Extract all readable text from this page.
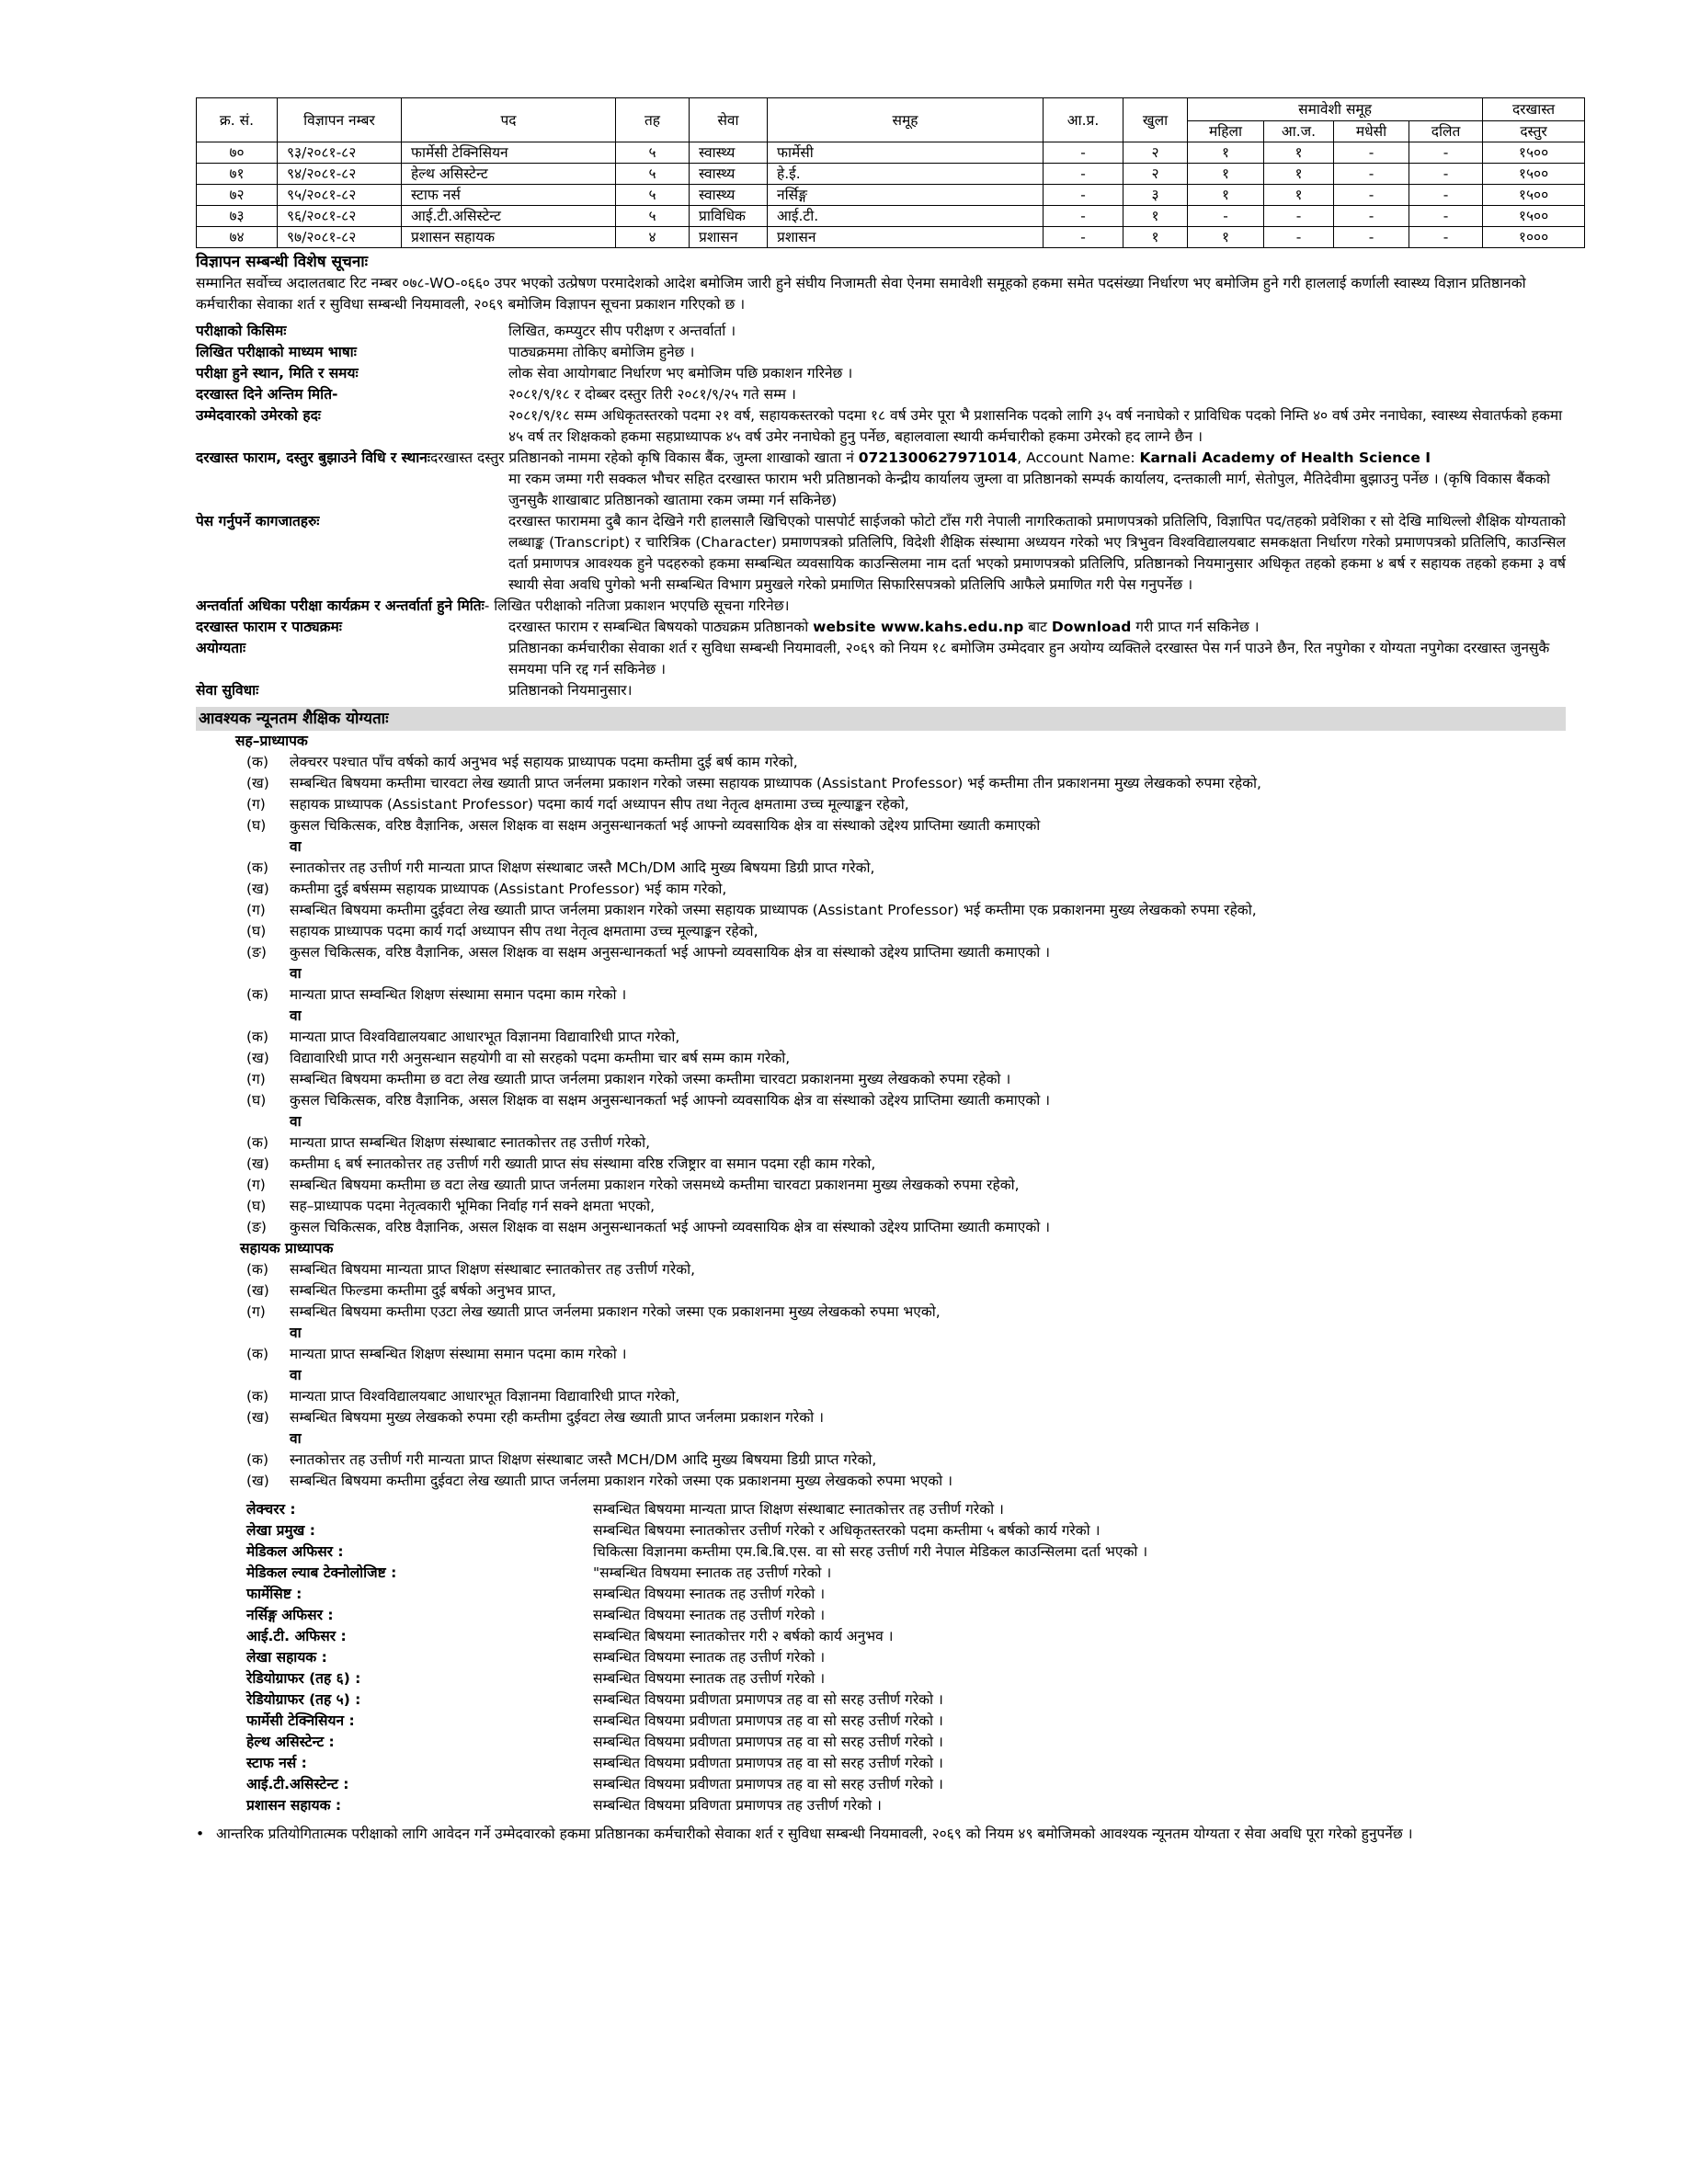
क्र. सं.	विज्ञापन नम्बर	पद	तह	सेवा	समूह	आ.प्र.	खुला	समावेशी समूह				दरखास्त
								महिला	आ.ज.	मधेसी	दलित	दस्तुर
७०	९३/२०८१-८२	फार्मेसी टेक्निसियन	५	स्वास्थ्य	फार्मेसी	-	२	१	१	-	-	१५००
७१	९४/२०८१-८२	हेल्थ असिस्टेन्ट	५	स्वास्थ्य	हे.ई.	-	२	१	१	-	-	१५००
७२	९५/२०८१-८२	स्टाफ नर्स	५	स्वास्थ्य	नर्सिङ्ग	-	३	१	१	-	-	१५००
७३	९६/२०८१-८२	आई.टी.असिस्टेन्ट	५	प्राविधिक	आई.टी.	-	१	-	-	-	-	१५००
७४	९७/२०८१-८२	प्रशासन सहायक	४	प्रशासन	प्रशासन	-	१	१	-	-	-	१०००
विज्ञापन सम्बन्धी विशेष सूचनाः
सम्मानित सर्वोच्च अदालतबाट रिट नम्बर ०७८-WO-०६६० उपर भएको उत्प्रेषण परमादेशको आदेश बमोजिम जारी हुने संघीय निजामती सेवा ऐनमा समावेशी समूहको हकमा समेत पदसंख्या निर्धारण भए बमोजिम हुने गरी हाललाई कर्णाली स्वास्थ्य विज्ञान प्रतिष्ठानको कर्मचारीका सेवाका शर्त र सुविधा सम्बन्धी नियमावली, २०६९ बमोजिम विज्ञापन सूचना प्रकाशन गरिएको छ ।
परीक्षाको किसिमः	लिखित, कम्प्युटर सीप परीक्षण र अन्तर्वार्ता ।
लिखित परीक्षाको माध्यम भाषाः	पाठ्यक्रममा तोकिए बमोजिम हुनेछ ।
परीक्षा हुने स्थान, मिति र समयः	लोक सेवा आयोगबाट निर्धारण भए बमोजिम पछि प्रकाशन गरिनेछ ।
दरखास्त दिने अन्तिम मिति-	२०८१/९/१८ र दोब्बर दस्तुर तिरी २०८१/९/२५ गते सम्म ।
उम्मेदवारको उमेरको हदः	२०८१/९/१८ सम्म अधिकृतस्तरको पदमा २१ वर्ष, सहायकस्तरको पदमा १८ वर्ष उमेर पूरा भै प्रशासनिक पदको लागि ३५ वर्ष ननाघेको र प्राविधिक पदको निम्ति ४० वर्ष उमेर ननाघेका, स्वास्थ्य सेवातर्फको हकमा ४५ वर्ष तर शिक्षकको हकमा सहप्राध्यापक ४५ वर्ष उमेर ननाघेको हुनु पर्नेछ, बहालवाला स्थायी कर्मचारीको हकमा उमेरको हद लाग्ने छैन ।
दरखास्त फाराम, दस्तुर बुझाउने विधि र स्थानःदरखास्त दस्तुर प्रतिष्ठानको नाममा रहेको कृषि विकास बैंक, जुम्ला शाखाको खाता नं 0721300627971014, Account Name: Karnali Academy of Health Science I
मा रकम जम्मा गरी सक्कल भौचर सहित दरखास्त फाराम भरी प्रतिष्ठानको केन्द्रीय कार्यालय जुम्ला वा प्रतिष्ठानको सम्पर्क कार्यालय, दन्तकाली मार्ग, सेतोपुल, मैतिदेवीमा बुझाउनु पर्नेछ । (कृषि विकास बैंकको जुनसुकै शाखाबाट प्रतिष्ठानको खातामा रकम जम्मा गर्न सकिनेछ)
पेस गर्नुपर्ने कागजातहरुः	दरखास्त फाराममा दुबै कान देखिने गरी हालसालै खिचिएको पासपोर्ट साईजको फोटो टाँस गरी नेपाली नागरिकताको प्रमाणपत्रको प्रतिलिपि, विज्ञापित पद/तहको प्रवेशिका र सो देखि माथिल्लो शैक्षिक योग्यताको लब्धाङ्क (Transcript) र चारित्रिक (Character) प्रमाणपत्रको प्रतिलिपि, विदेशी शैक्षिक संस्थामा अध्ययन गरेको भए त्रिभुवन विश्वविद्यालयबाट समकक्षता निर्धारण गरेको प्रमाणपत्रको प्रतिलिपि, काउन्सिल दर्ता प्रमाणपत्र आवश्यक हुने पदहरुको हकमा सम्बन्धित व्यवसायिक काउन्सिलमा नाम दर्ता भएको प्रमाणपत्रको प्रतिलिपि, प्रतिष्ठानको नियमानुसार अधिकृत तहको हकमा ४ बर्ष र सहायक तहको हकमा ३ वर्ष स्थायी सेवा अवधि पुगेको भनी सम्बन्धित विभाग प्रमुखले गरेको प्रमाणित सिफारिसपत्रको प्रतिलिपि आफैले प्रमाणित गरी पेस गनुपर्नेछ ।
अन्तर्वार्ता अधिका परीक्षा कार्यक्रम र अन्तर्वार्ता हुने मितिः- लिखित परीक्षाको नतिजा प्रकाशन भएपछि सूचना गरिनेछ।
दरखास्त फाराम र पाठ्यक्रमः	दरखास्त फाराम र सम्बन्धित बिषयको पाठ्यक्रम प्रतिष्ठानको website www.kahs.edu.np बाट Download गरी प्राप्त गर्न सकिनेछ ।
अयोग्यताः	प्रतिष्ठानका कर्मचारीका सेवाका शर्त र सुविधा सम्बन्धी नियमावली, २०६९ को नियम १८ बमोजिम उम्मेदवार हुन अयोग्य व्यक्तिले दरखास्त पेस गर्न पाउने छैन, रित नपुगेका र योग्यता नपुगेका दरखास्त जुनसुकै समयमा पनि रद्द गर्न सकिनेछ ।
सेवा सुविधाः	प्रतिष्ठानको नियमानुसार।
आवश्यक न्यूनतम शैक्षिक योग्यताः
सह–प्राध्यापक
(क)	लेक्चरर पश्चात पाँच वर्षको कार्य अनुभव भई सहायक प्राध्यापक पदमा कम्तीमा दुई बर्ष काम गरेको,
(ख)	सम्बन्धित बिषयमा कम्तीमा चारवटा लेख ख्याती प्राप्त जर्नलमा प्रकाशन गरेको जस्मा सहायक प्राध्यापक (Assistant Professor) भई कम्तीमा तीन प्रकाशनमा मुख्य लेखकको रुपमा रहेको,
(ग)	सहायक प्राध्यापक (Assistant Professor) पदमा कार्य गर्दा अध्यापन सीप तथा नेतृत्व क्षमतामा उच्च मूल्याङ्कन रहेको,
(घ)	कुसल चिकित्सक, वरिष्ठ वैज्ञानिक, असल शिक्षक वा सक्षम अनुसन्धानकर्ता भई आफ्नो व्यवसायिक क्षेत्र वा संस्थाको उद्देश्य प्राप्तिमा ख्याती कमाएको
वा
(क)	स्नातकोत्तर तह उत्तीर्ण गरी मान्यता प्राप्त शिक्षण संस्थाबाट जस्तै MCh/DM आदि मुख्य बिषयमा डिग्री प्राप्त गरेको,
(ख)	कम्तीमा दुई बर्षसम्म सहायक प्राध्यापक (Assistant Professor) भई काम गरेको,
(ग)	सम्बन्धित बिषयमा कम्तीमा दुईवटा लेख ख्याती प्राप्त जर्नलमा प्रकाशन गरेको जस्मा सहायक प्राध्यापक (Assistant Professor) भई कम्तीमा एक प्रकाशनमा मुख्य लेखकको रुपमा रहेको,
(घ)	सहायक प्राध्यापक पदमा कार्य गर्दा अध्यापन सीप तथा नेतृत्व क्षमतामा उच्च मूल्याङ्कन रहेको,
(ङ)	कुसल चिकित्सक, वरिष्ठ वैज्ञानिक, असल शिक्षक वा सक्षम अनुसन्धानकर्ता भई आफ्नो व्यवसायिक क्षेत्र वा संस्थाको उद्देश्य प्राप्तिमा ख्याती कमाएको ।
वा
(क)	मान्यता प्राप्त सम्वन्धित शिक्षण संस्थामा समान पदमा काम गरेको ।
वा
(क)	मान्यता प्राप्त विश्वविद्यालयबाट आधारभूत विज्ञानमा विद्यावारिधी प्राप्त गरेको,
(ख)	विद्यावारिधी प्राप्त गरी अनुसन्धान सहयोगी वा सो सरहको पदमा कम्तीमा चार बर्ष सम्म काम गरेको,
(ग)	सम्बन्धित बिषयमा कम्तीमा छ वटा लेख ख्याती प्राप्त जर्नलमा प्रकाशन गरेको जस्मा कम्तीमा चारवटा प्रकाशनमा मुख्य लेखकको रुपमा रहेको ।
(घ)	कुसल चिकित्सक, वरिष्ठ वैज्ञानिक, असल शिक्षक वा सक्षम अनुसन्धानकर्ता भई आफ्नो व्यवसायिक क्षेत्र वा संस्थाको उद्देश्य प्राप्तिमा ख्याती कमाएको ।
वा
(क)	मान्यता प्राप्त सम्बन्धित शिक्षण संस्थाबाट स्नातकोत्तर तह उत्तीर्ण गरेको,
(ख)	कम्तीमा ६ बर्ष स्नातकोत्तर तह उत्तीर्ण गरी ख्याती प्राप्त संघ संस्थामा वरिष्ठ रजिष्ट्रार वा समान पदमा रही काम गरेको,
(ग)	सम्बन्धित बिषयमा कम्तीमा छ वटा लेख ख्याती प्राप्त जर्नलमा प्रकाशन गरेको जसमध्ये कम्तीमा चारवटा प्रकाशनमा मुख्य लेखकको रुपमा रहेको,
(घ)	सह–प्राध्यापक पदमा नेतृत्वकारी भूमिका निर्वाह गर्न सक्ने क्षमता भएको,
(ङ)	कुसल चिकित्सक, वरिष्ठ वैज्ञानिक, असल शिक्षक वा सक्षम अनुसन्धानकर्ता भई आफ्नो व्यवसायिक क्षेत्र वा संस्थाको उद्देश्य प्राप्तिमा ख्याती कमाएको ।
सहायक प्राध्यापक
(क)	सम्बन्धित बिषयमा मान्यता प्राप्त शिक्षण संस्थाबाट स्नातकोत्तर तह उत्तीर्ण गरेको,
(ख)	सम्बन्धित फिल्डमा कम्तीमा दुई बर्षको अनुभव प्राप्त,
(ग)	सम्बन्धित बिषयमा कम्तीमा एउटा लेख ख्याती प्राप्त जर्नलमा प्रकाशन गरेको जस्मा एक प्रकाशनमा मुख्य लेखकको रुपमा भएको,
वा
(क)	मान्यता प्राप्त सम्बन्धित शिक्षण संस्थामा समान पदमा काम गरेको ।
वा
(क)	मान्यता प्राप्त विश्वविद्यालयबाट आधारभूत विज्ञानमा विद्यावारिधी प्राप्त गरेको,
(ख)	सम्बन्धित बिषयमा मुख्य लेखकको रुपमा रही कम्तीमा दुईवटा लेख ख्याती प्राप्त जर्नलमा प्रकाशन गरेको ।
वा
(क)	स्नातकोत्तर तह उत्तीर्ण गरी मान्यता प्राप्त शिक्षण संस्थाबाट जस्तै MCH/DM आदि मुख्य बिषयमा डिग्री प्राप्त गरेको,
(ख)	सम्बन्धित बिषयमा कम्तीमा दुईवटा लेख ख्याती प्राप्त जर्नलमा प्रकाशन गरेको जस्मा एक प्रकाशनमा मुख्य लेखकको रुपमा भएको ।
लेक्चरर :	सम्बन्धित बिषयमा मान्यता प्राप्त शिक्षण संस्थाबाट स्नातकोत्तर तह उत्तीर्ण गरेको ।
लेखा प्रमुख :	सम्बन्धित बिषयमा स्नातकोत्तर उत्तीर्ण गरेको र अधिकृतस्तरको पदमा कम्तीमा ५ बर्षको कार्य गरेको ।
मेडिकल अफिसर :	चिकित्सा विज्ञानमा कम्तीमा एम.बि.बि.एस. वा सो सरह उत्तीर्ण गरी नेपाल मेडिकल काउन्सिलमा दर्ता भएको ।
मेडिकल ल्याब टेक्नोलोजिष्ट :	"सम्बन्धित विषयमा स्नातक तह उत्तीर्ण गरेको ।
फार्मेसिष्ट :	सम्बन्धित विषयमा स्नातक तह उत्तीर्ण गरेको ।
नर्सिङ्ग अफिसर :	सम्बन्धित विषयमा स्नातक तह उत्तीर्ण गरेको ।
आई.टी. अफिसर :	सम्बन्धित बिषयमा स्नातकोत्तर गरी २ बर्षको कार्य अनुभव ।
लेखा सहायक :	सम्बन्धित विषयमा स्नातक तह उत्तीर्ण गरेको ।
रेडियोग्राफर (तह ६) :	सम्बन्धित विषयमा स्नातक तह उत्तीर्ण गरेको ।
रेडियोग्राफर (तह ५) :	सम्बन्धित विषयमा प्रवीणता प्रमाणपत्र तह वा सो सरह उत्तीर्ण गरेको ।
फार्मेसी टेक्निसियन :	सम्बन्धित विषयमा प्रवीणता प्रमाणपत्र तह वा सो सरह उत्तीर्ण गरेको ।
हेल्थ असिस्टेन्ट :	सम्बन्धित विषयमा प्रवीणता प्रमाणपत्र तह वा सो सरह उत्तीर्ण गरेको ।
स्टाफ नर्स :	सम्बन्धित विषयमा प्रवीणता प्रमाणपत्र तह वा सो सरह उत्तीर्ण गरेको ।
आई.टी.असिस्टेन्ट :	सम्बन्धित विषयमा प्रवीणता प्रमाणपत्र तह वा सो सरह उत्तीर्ण गरेको ।
प्रशासन सहायक :	सम्बन्धित विषयमा प्रविणता प्रमाणपत्र तह उत्तीर्ण गरेको ।
• आन्तरिक प्रतियोगितात्मक परीक्षाको लागि आवेदन गर्ने उम्मेदवारको हकमा प्रतिष्ठानका कर्मचारीको सेवाका शर्त र सुविधा सम्बन्धी नियमावली, २०६९ को नियम ४९ बमोजिमको आवश्यक न्यूनतम योग्यता र सेवा अवधि पूरा गरेको हुनुपर्नेछ ।
